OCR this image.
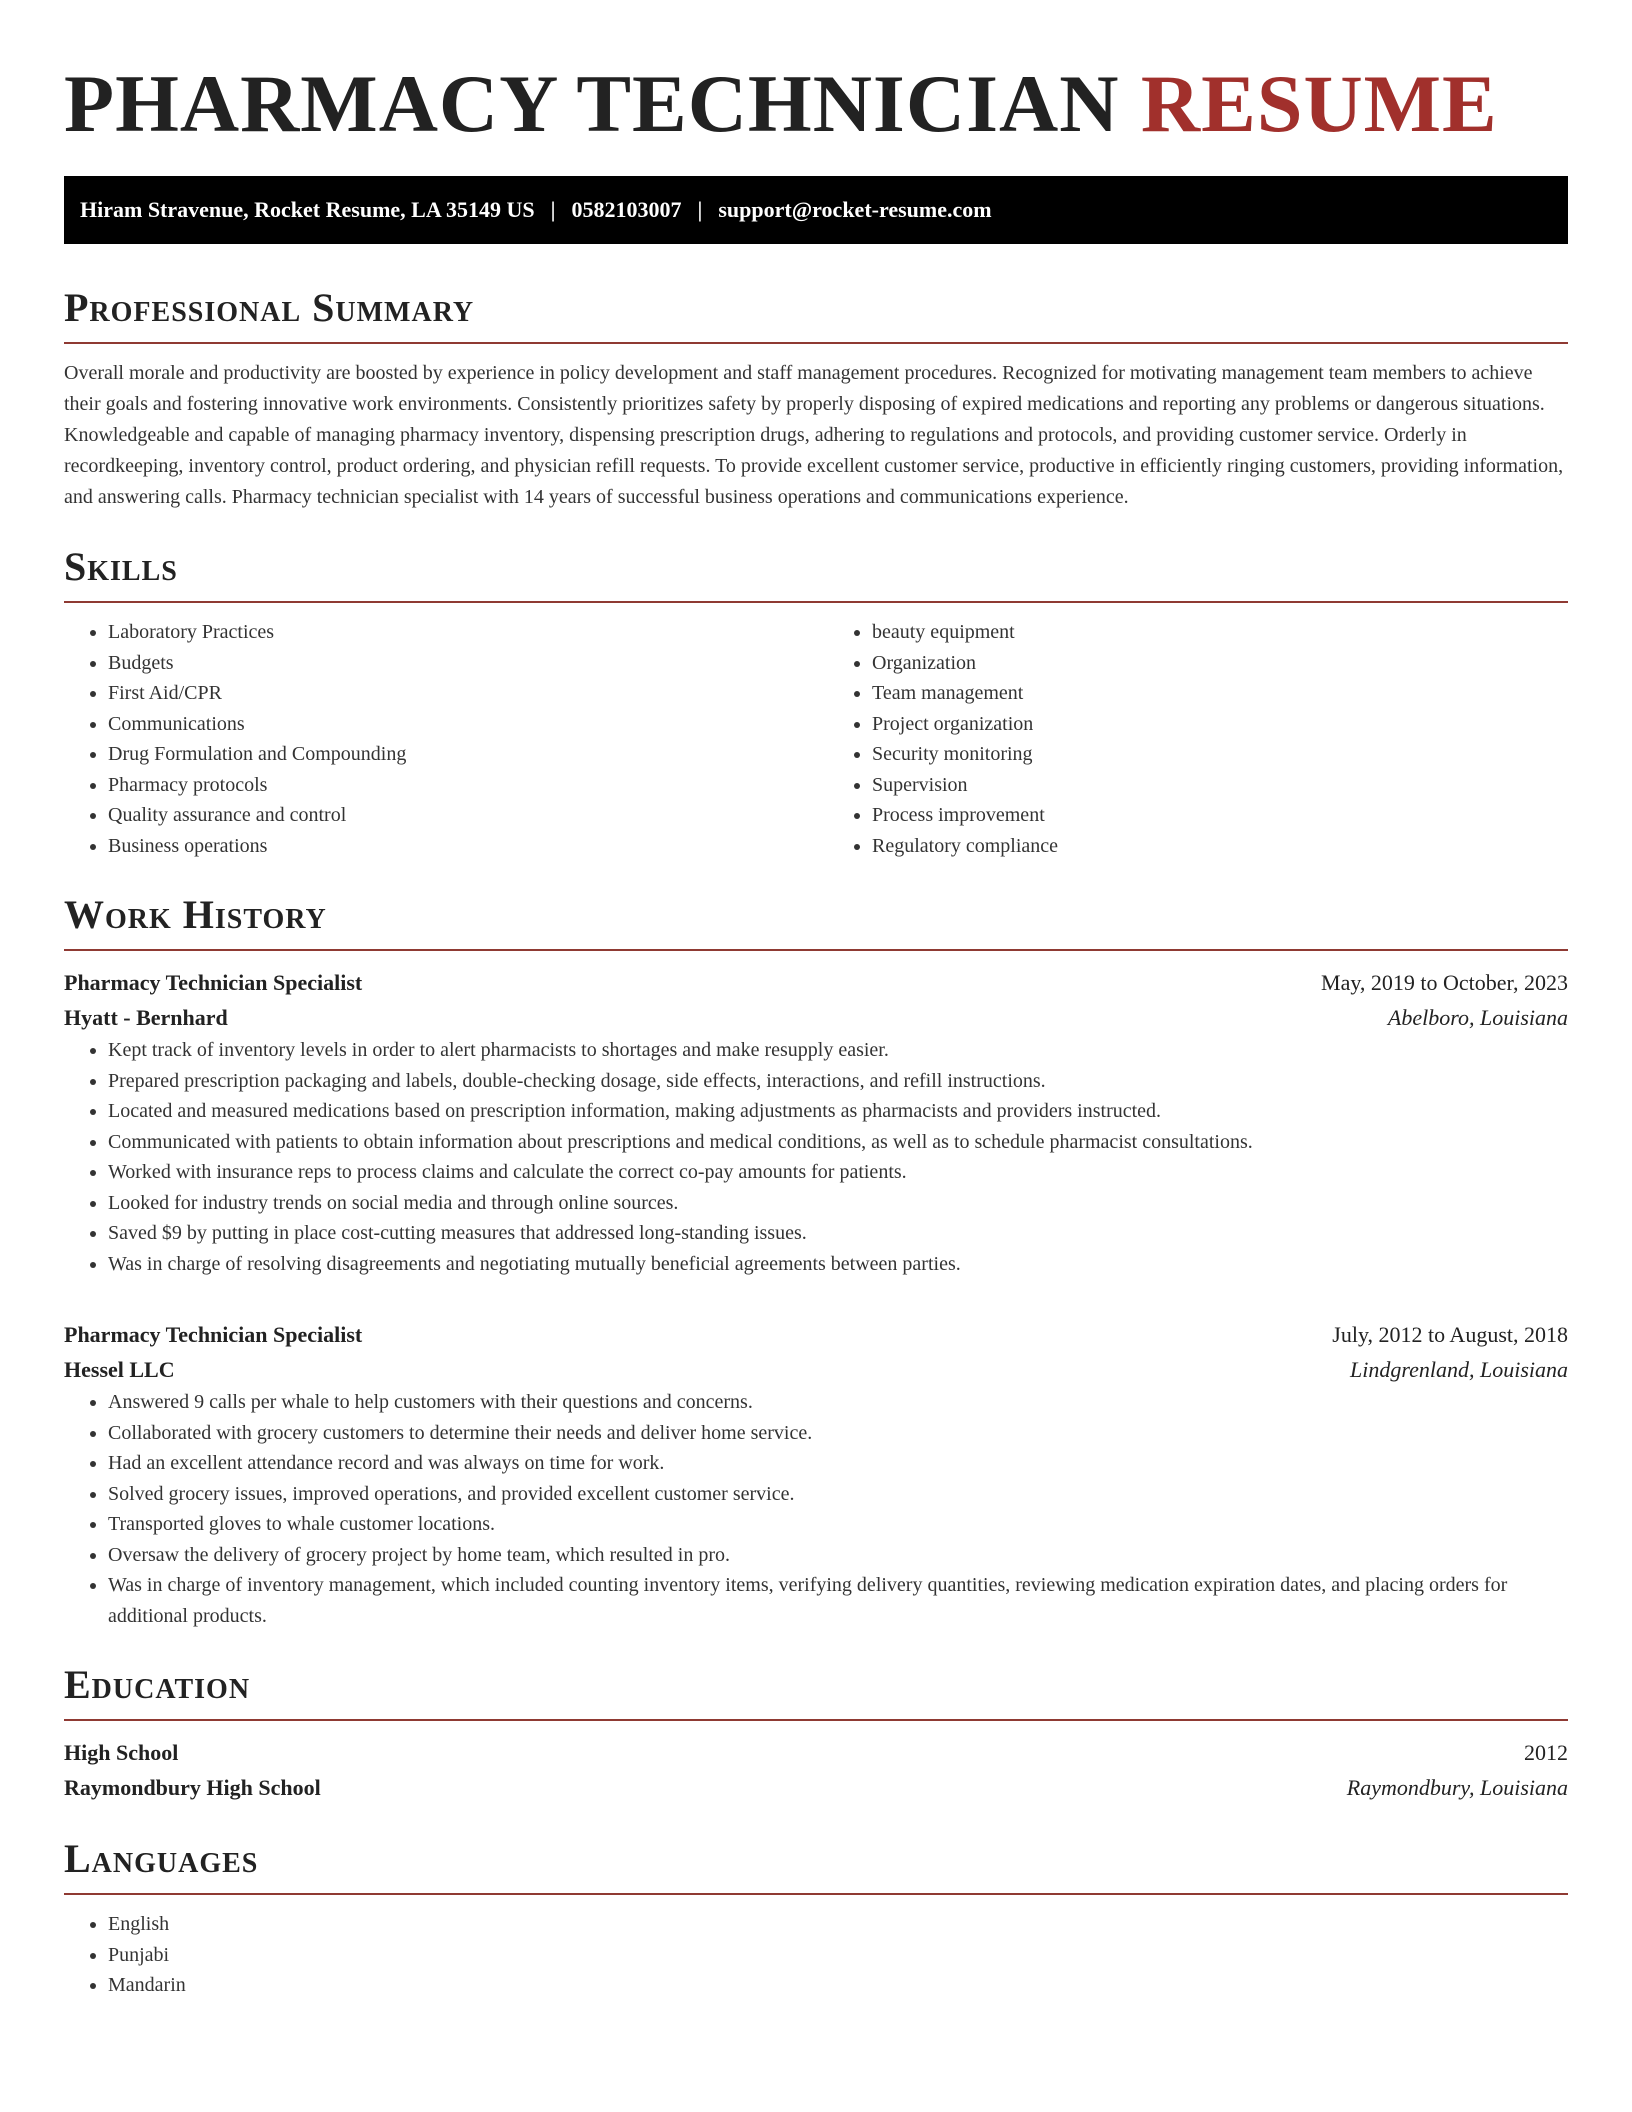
PHARMACY TECHNICIAN RESUME
Hiram Stravenue, Rocket Resume, LA 35149 US | 0582103007 | support@rocket-resume.com
Professional Summary

Overall morale and productivity are boosted by experience in policy development and staff management procedures. Recognized for motivating management team members to achieve their goals and fostering innovative work environments. Consistently prioritizes safety by properly disposing of expired medications and reporting any problems or dangerous situations. Knowledgeable and capable of managing pharmacy inventory, dispensing prescription drugs, adhering to regulations and protocols, and providing customer service. Orderly in recordkeeping, inventory control, product ordering, and physician refill requests. To provide excellent customer service, productive in efficiently ringing customers, providing information, and answering calls. Pharmacy technician specialist with 14 years of successful business operations and communications experience.

Skills
• Laboratory Practices
• Budgets
• First Aid/CPR
• Communications
• Drug Formulation and Compounding
• Pharmacy protocols
• Quality assurance and control
• Business operations
• beauty equipment
• Organization
• Team management
• Project organization
• Security monitoring
• Supervision
• Process improvement
• Regulatory compliance
Work History
Pharmacy Technician Specialist	May, 2019 to October, 2023
Hyatt - Bernhard	Abelboro, Louisiana
• Kept track of inventory levels in order to alert pharmacists to shortages and make resupply easier.
• Prepared prescription packaging and labels, double-checking dosage, side effects, interactions, and refill instructions.
• Located and measured medications based on prescription information, making adjustments as pharmacists and providers instructed.
• Communicated with patients to obtain information about prescriptions and medical conditions, as well as to schedule pharmacist consultations.
• Worked with insurance reps to process claims and calculate the correct co-pay amounts for patients.
• Looked for industry trends on social media and through online sources.
• Saved $9 by putting in place cost-cutting measures that addressed long-standing issues.
• Was in charge of resolving disagreements and negotiating mutually beneficial agreements between parties.
Pharmacy Technician Specialist	July, 2012 to August, 2018
Hessel LLC	Lindgrenland, Louisiana
• Answered 9 calls per whale to help customers with their questions and concerns.
• Collaborated with grocery customers to determine their needs and deliver home service.
• Had an excellent attendance record and was always on time for work.
• Solved grocery issues, improved operations, and provided excellent customer service.
• Transported gloves to whale customer locations.
• Oversaw the delivery of grocery project by home team, which resulted in pro.
• Was in charge of inventory management, which included counting inventory items, verifying delivery quantities, reviewing medication expiration dates, and placing orders for additional products.
Education
High School	2012
Raymondbury High School	Raymondbury, Louisiana
Languages
• English
• Punjabi
• Mandarin
